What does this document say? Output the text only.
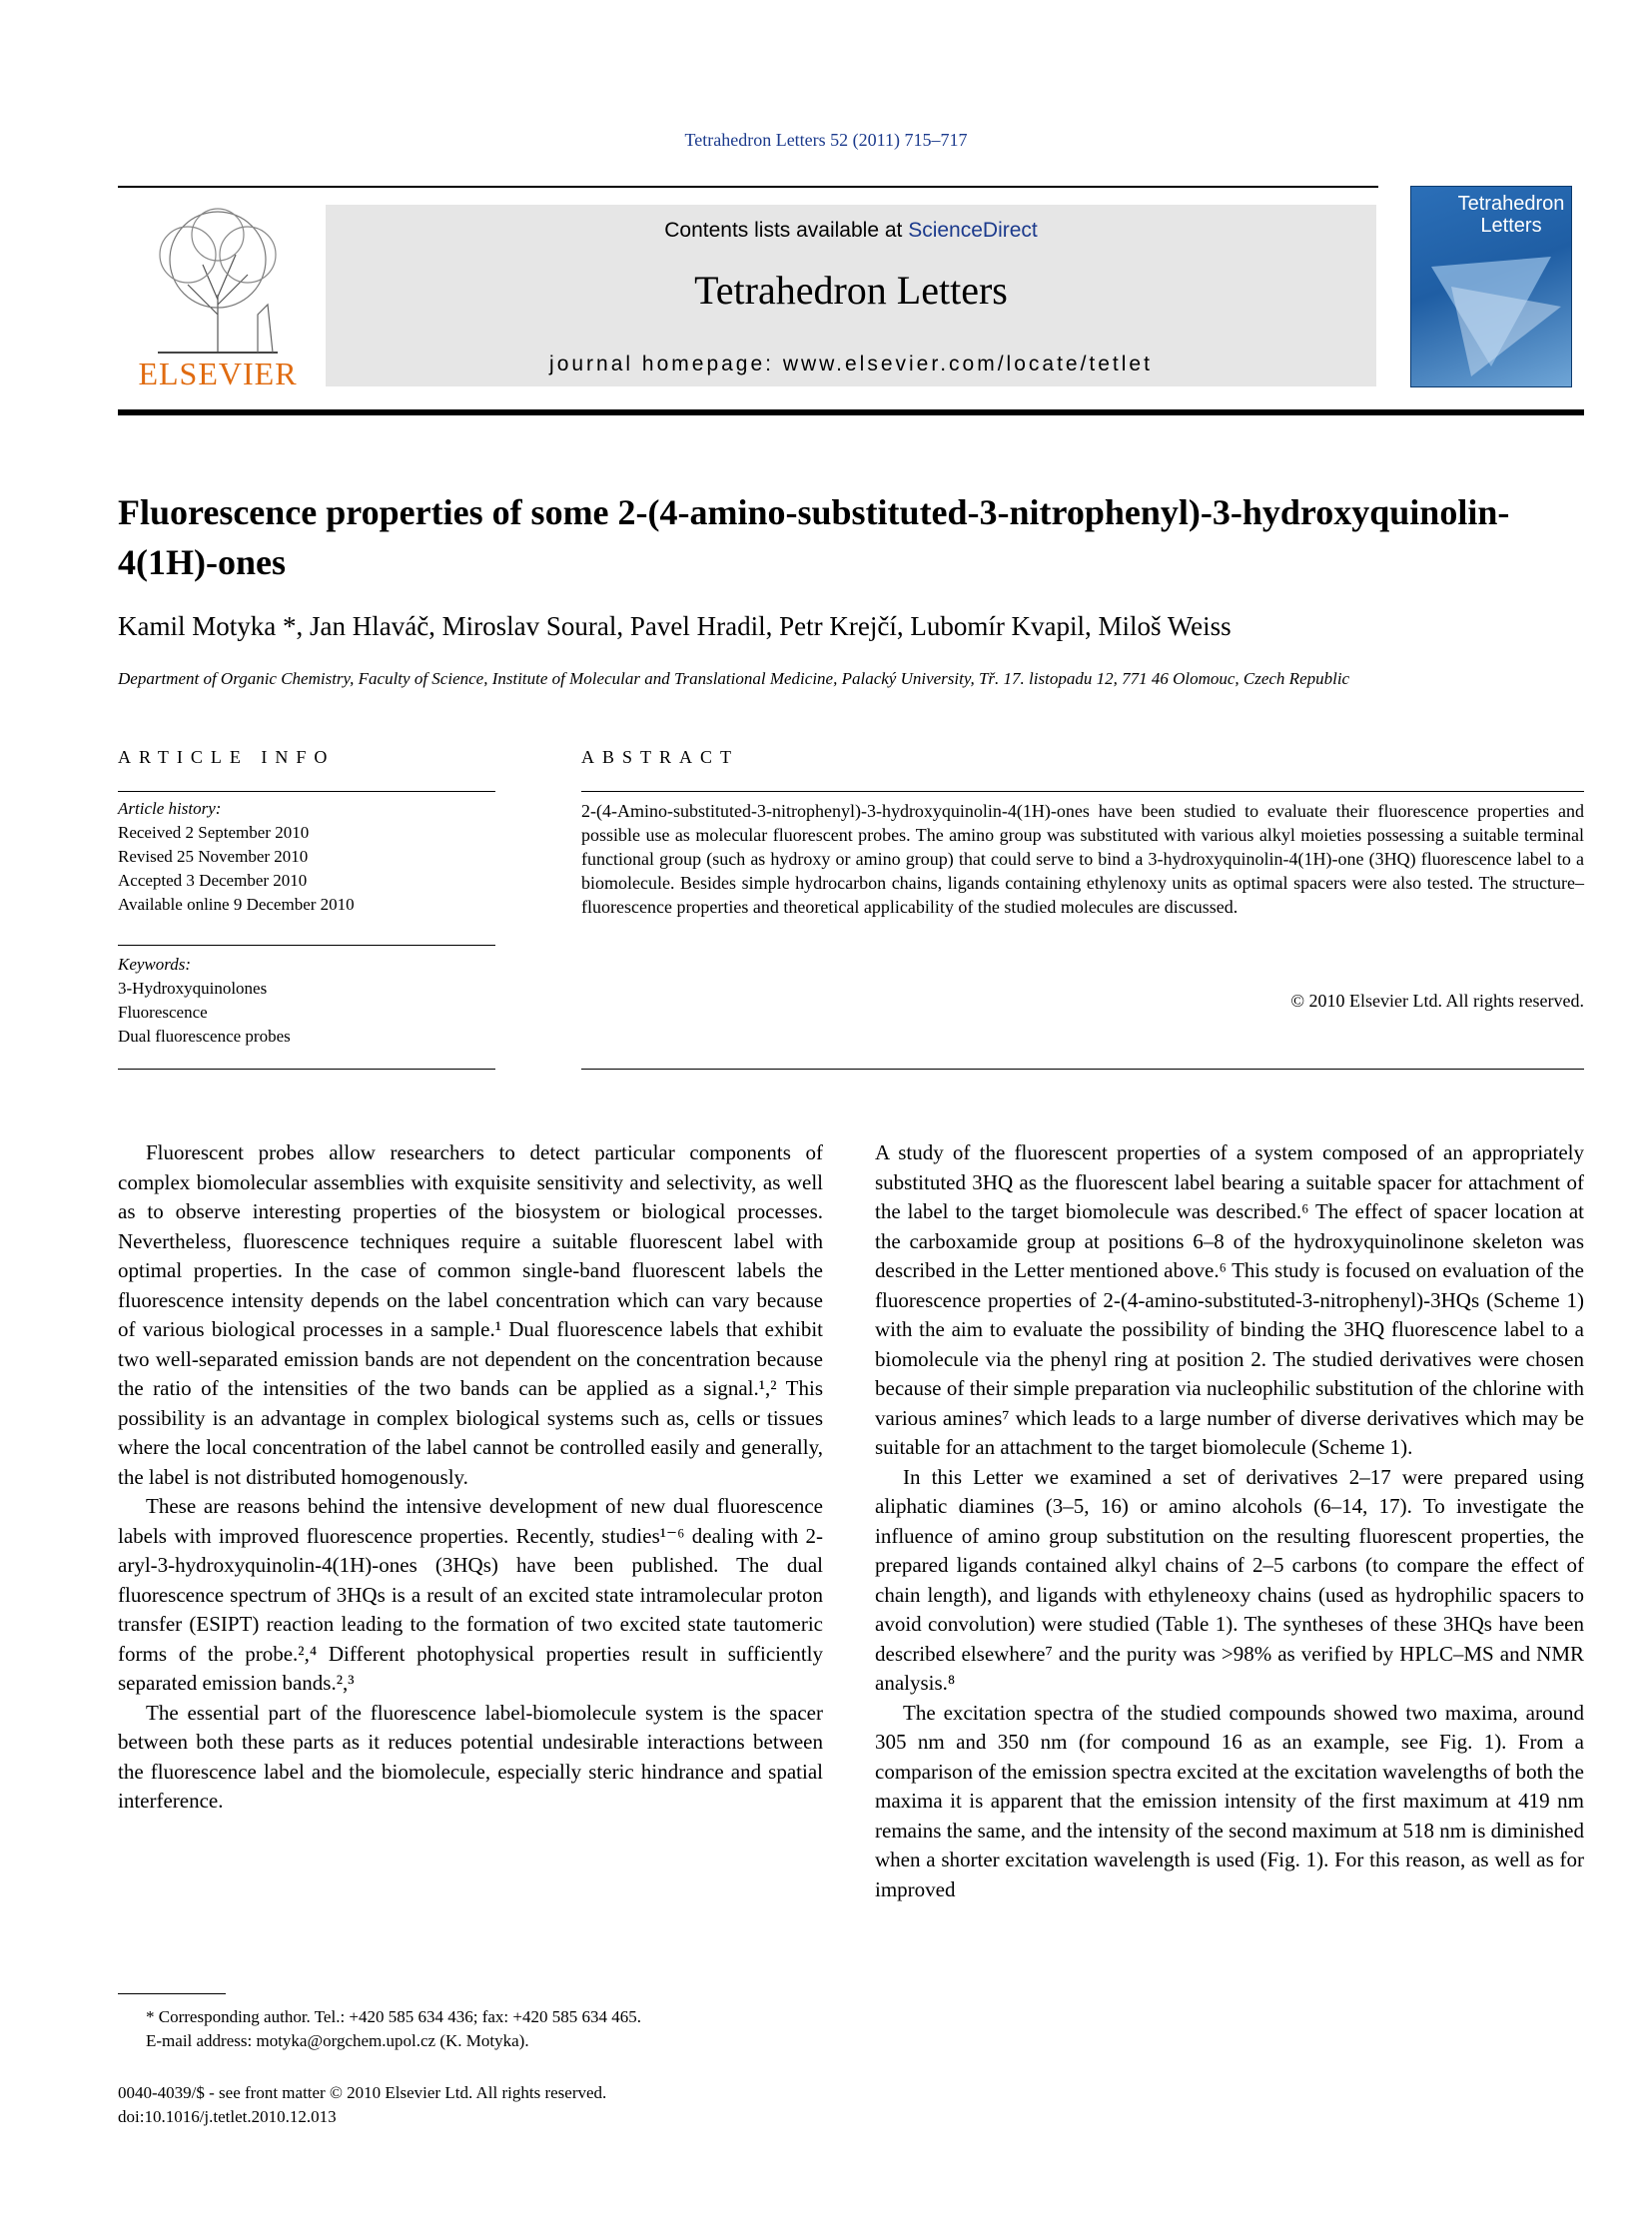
Tetrahedron Letters 52 (2011) 715–717
ELSEVIER
Contents lists available at ScienceDirect
Tetrahedron Letters
journal homepage: www.elsevier.com/locate/tetlet
Tetrahedron Letters
Fluorescence properties of some 2-(4-amino-substituted-3-nitrophenyl)-3-hydroxyquinolin-4(1H)-ones
Kamil Motyka *, Jan Hlaváč, Miroslav Soural, Pavel Hradil, Petr Krejčí, Lubomír Kvapil, Miloš Weiss
Department of Organic Chemistry, Faculty of Science, Institute of Molecular and Translational Medicine, Palacký University, Tř. 17. listopadu 12, 771 46 Olomouc, Czech Republic
ARTICLE INFO	ABSTRACT
Article history:
Received 2 September 2010
Revised 25 November 2010
Accepted 3 December 2010
Available online 9 December 2010
Keywords:
3-Hydroxyquinolones
Fluorescence
Dual fluorescence probes
2-(4-Amino-substituted-3-nitrophenyl)-3-hydroxyquinolin-4(1H)-ones have been studied to evaluate their fluorescence properties and possible use as molecular fluorescent probes. The amino group was substituted with various alkyl moieties possessing a suitable terminal functional group (such as hydroxy or amino group) that could serve to bind a 3-hydroxyquinolin-4(1H)-one (3HQ) fluorescence label to a biomolecule. Besides simple hydrocarbon chains, ligands containing ethylenoxy units as optimal spacers were also tested. The structure–fluorescence properties and theoretical applicability of the studied molecules are discussed.
© 2010 Elsevier Ltd. All rights reserved.

Fluorescent probes allow researchers to detect particular components of complex biomolecular assemblies with exquisite sensitivity and selectivity, as well as to observe interesting properties of the biosystem or biological processes. Nevertheless, fluorescence techniques require a suitable fluorescent label with optimal properties. In the case of common single-band fluorescent labels the fluorescence intensity depends on the label concentration which can vary because of various biological processes in a sample.¹ Dual fluorescence labels that exhibit two well-separated emission bands are not dependent on the concentration because the ratio of the intensities of the two bands can be applied as a signal.¹,² This possibility is an advantage in complex biological systems such as, cells or tissues where the local concentration of the label cannot be controlled easily and generally, the label is not distributed homogenously.

These are reasons behind the intensive development of new dual fluorescence labels with improved fluorescence properties. Recently, studies¹⁻⁶ dealing with 2-aryl-3-hydroxyquinolin-4(1H)-ones (3HQs) have been published. The dual fluorescence spectrum of 3HQs is a result of an excited state intramolecular proton transfer (ESIPT) reaction leading to the formation of two excited state tautomeric forms of the probe.²,⁴ Different photophysical properties result in sufficiently separated emission bands.²,³

The essential part of the fluorescence label-biomolecule system is the spacer between both these parts as it reduces potential undesirable interactions between the fluorescence label and the biomolecule, especially steric hindrance and spatial interference.

A study of the fluorescent properties of a system composed of an appropriately substituted 3HQ as the fluorescent label bearing a suitable spacer for attachment of the label to the target biomolecule was described.⁶ The effect of spacer location at the carboxamide group at positions 6–8 of the hydroxyquinolinone skeleton was described in the Letter mentioned above.⁶ This study is focused on evaluation of the fluorescence properties of 2-(4-amino-substituted-3-nitrophenyl)-3HQs (Scheme 1) with the aim to evaluate the possibility of binding the 3HQ fluorescence label to a biomolecule via the phenyl ring at position 2. The studied derivatives were chosen because of their simple preparation via nucleophilic substitution of the chlorine with various amines⁷ which leads to a large number of diverse derivatives which may be suitable for an attachment to the target biomolecule (Scheme 1).

In this Letter we examined a set of derivatives 2–17 were prepared using aliphatic diamines (3–5, 16) or amino alcohols (6–14, 17). To investigate the influence of amino group substitution on the resulting fluorescent properties, the prepared ligands contained alkyl chains of 2–5 carbons (to compare the effect of chain length), and ligands with ethyleneoxy chains (used as hydrophilic spacers to avoid convolution) were studied (Table 1). The syntheses of these 3HQs have been described elsewhere⁷ and the purity was >98% as verified by HPLC–MS and NMR analysis.⁸

The excitation spectra of the studied compounds showed two maxima, around 305 nm and 350 nm (for compound 16 as an example, see Fig. 1). From a comparison of the emission spectra excited at the excitation wavelengths of both the maxima it is apparent that the emission intensity of the first maximum at 419 nm remains the same, and the intensity of the second maximum at 518 nm is diminished when a shorter excitation wavelength is used (Fig. 1). For this reason, as well as for improved

* Corresponding author. Tel.: +420 585 634 436; fax: +420 585 634 465.
E-mail address: motyka@orgchem.upol.cz (K. Motyka).
0040-4039/$ - see front matter © 2010 Elsevier Ltd. All rights reserved.
doi:10.1016/j.tetlet.2010.12.013
